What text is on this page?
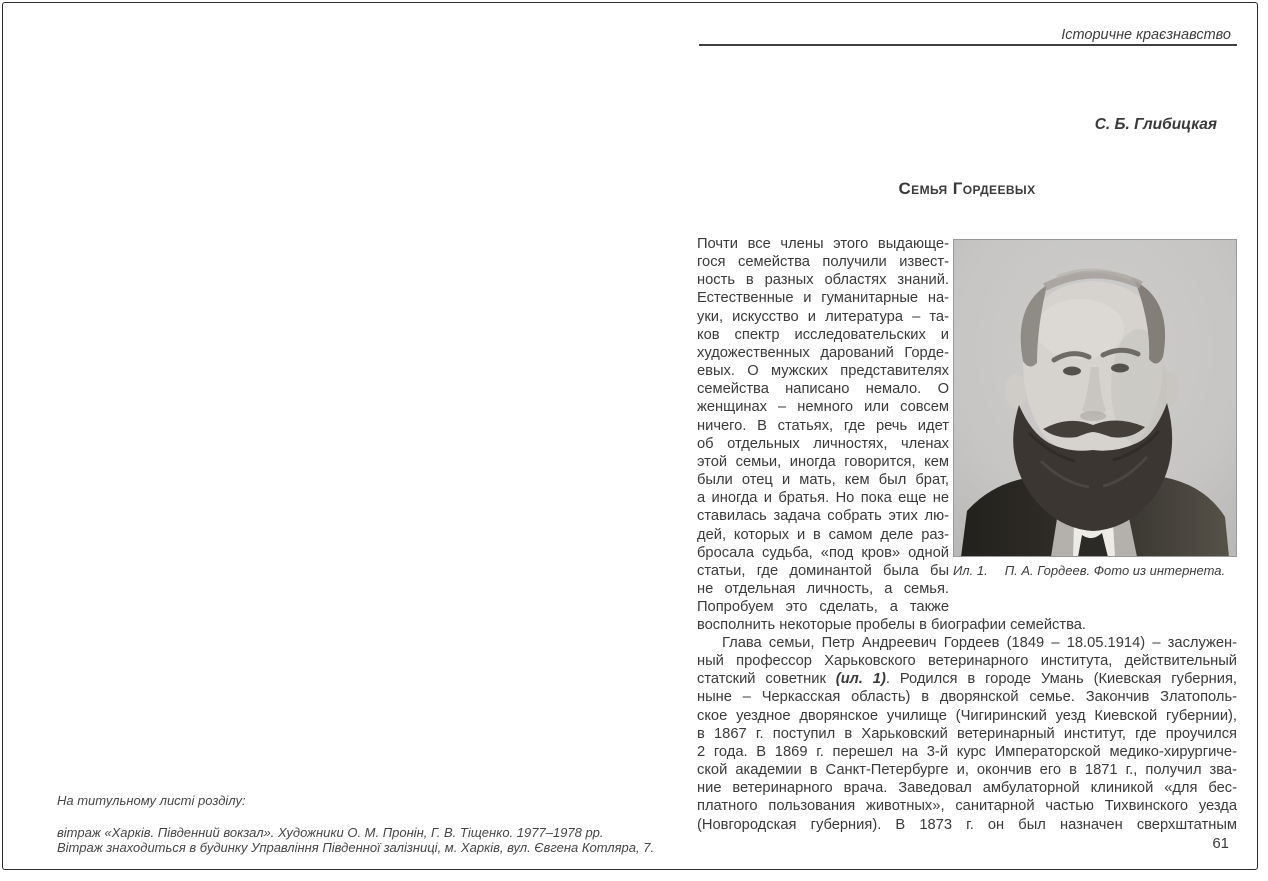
Історичне краєзнавство
С. Б. Глибицкая
Семья Гордеевых
Почти все члены этого выдающе-
гося семейства получили извест-
ность в разных областях знаний.
Естественные и гуманитарные на-
уки, искусство и литература – та-
ков спектр исследовательских и
художественных дарований Горде-
евых. О мужских представителях
семейства написано немало. О
женщинах – немного или совсем
ничего. В статьях, где речь идет
об отдельных личностях, членах
этой семьи, иногда говорится, кем
были отец и мать, кем был брат,
а иногда и братья. Но пока еще не
ставилась задача собрать этих лю-
дей, которых и в самом деле раз-
бросала судьба, «под кров» одной
статьи, где доминантой была бы
не отдельная личность, а семья.
Попробуем это сделать, а также
Ил. 1. П. А. Гордеев. Фото из интернета.
восполнить некоторые пробелы в биографии семейства.
Глава семьи, Петр Андреевич Гордеев (1849 – 18.05.1914) – заслужен-
ный профессор Харьковского ветеринарного института, действительный
статский советник (ил. 1). Родился в городе Умань (Киевская губерния,
ныне – Черкасская область) в дворянской семье. Закончив Златополь-
ское уездное дворянское училище (Чигиринский уезд Киевской губернии),
в 1867 г. поступил в Харьковский ветеринарный институт, где проучился
2 года. В 1869 г. перешел на 3-й курс Императорской медико-хирургиче-
ской академии в Санкт-Петербурге и, окончив его в 1871 г., получил зва-
ние ветеринарного врача. Заведовал амбулаторной клиникой «для бес-
платного пользования животных», санитарной частью Тихвинского уезда
(Новгородская губерния). В 1873 г. он был назначен сверхштатным
На титульному листі розділу:
вітраж «Харків. Південний вокзал». Художники О. М. Пронін, Г. В. Тіщенко. 1977–1978 рр.
Вітраж знаходиться в будинку Управління Південної залізниці, м. Харків, вул. Євгена Котляра, 7.	61
